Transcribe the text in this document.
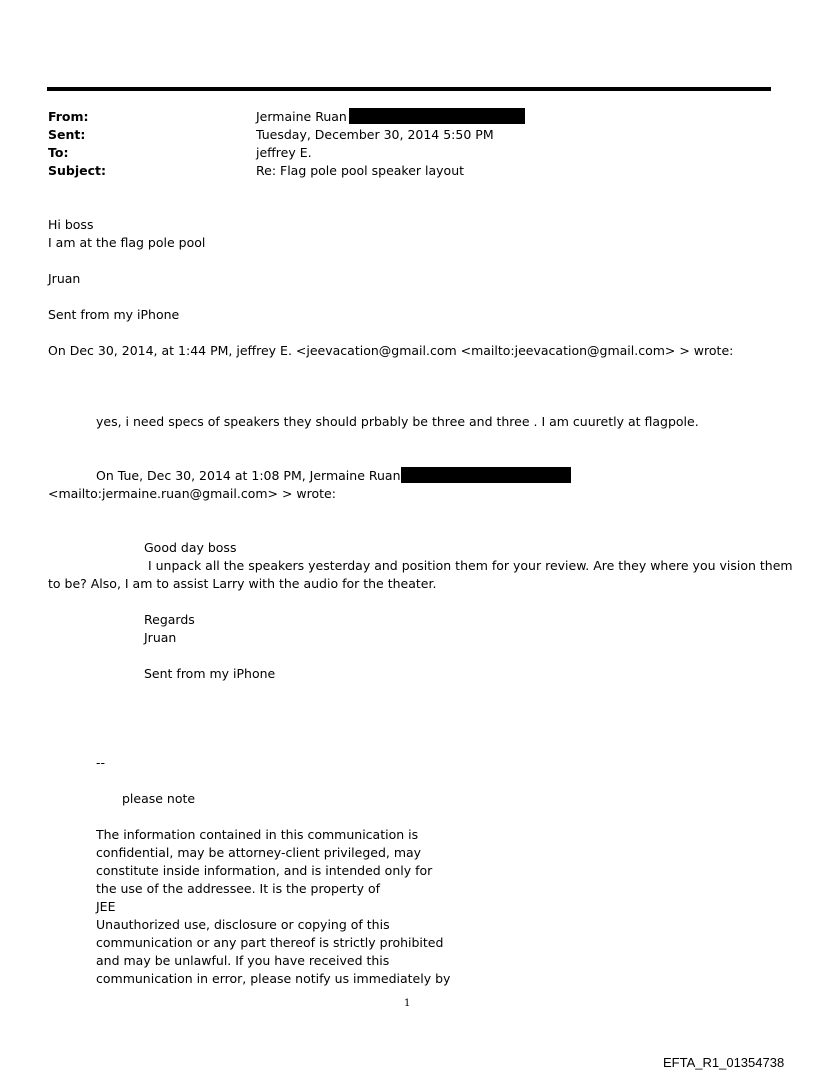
From:	Jermaine Ruan
Sent:	Tuesday, December 30, 2014 5:50 PM
To:	jeffrey E.
Subject:	Re: Flag pole pool speaker layout
Hi boss
I am at the flag pole pool
Jruan
Sent from my iPhone
On Dec 30, 2014, at 1:44 PM, jeffrey E. <jeevacation@gmail.com <mailto:jeevacation@gmail.com> > wrote:
yes, i need specs of speakers they should prbably be three and three . I am cuuretly at flagpole.
On Tue, Dec 30, 2014 at 1:08 PM, Jermaine Ruan
<mailto:jermaine.ruan@gmail.com> > wrote:
Good day boss
I unpack all the speakers yesterday and position them for your review. Are they where you vision them
to be? Also, I am to assist Larry with the audio for the theater.
Regards
Jruan
Sent from my iPhone
--
please note
The information contained in this communication is
confidential, may be attorney-client privileged, may
constitute inside information, and is intended only for
the use of the addressee. It is the property of
JEE
Unauthorized use, disclosure or copying of this
communication or any part thereof is strictly prohibited
and may be unlawful. If you have received this
communication in error, please notify us immediately by
1
EFTA_R1_01354738
